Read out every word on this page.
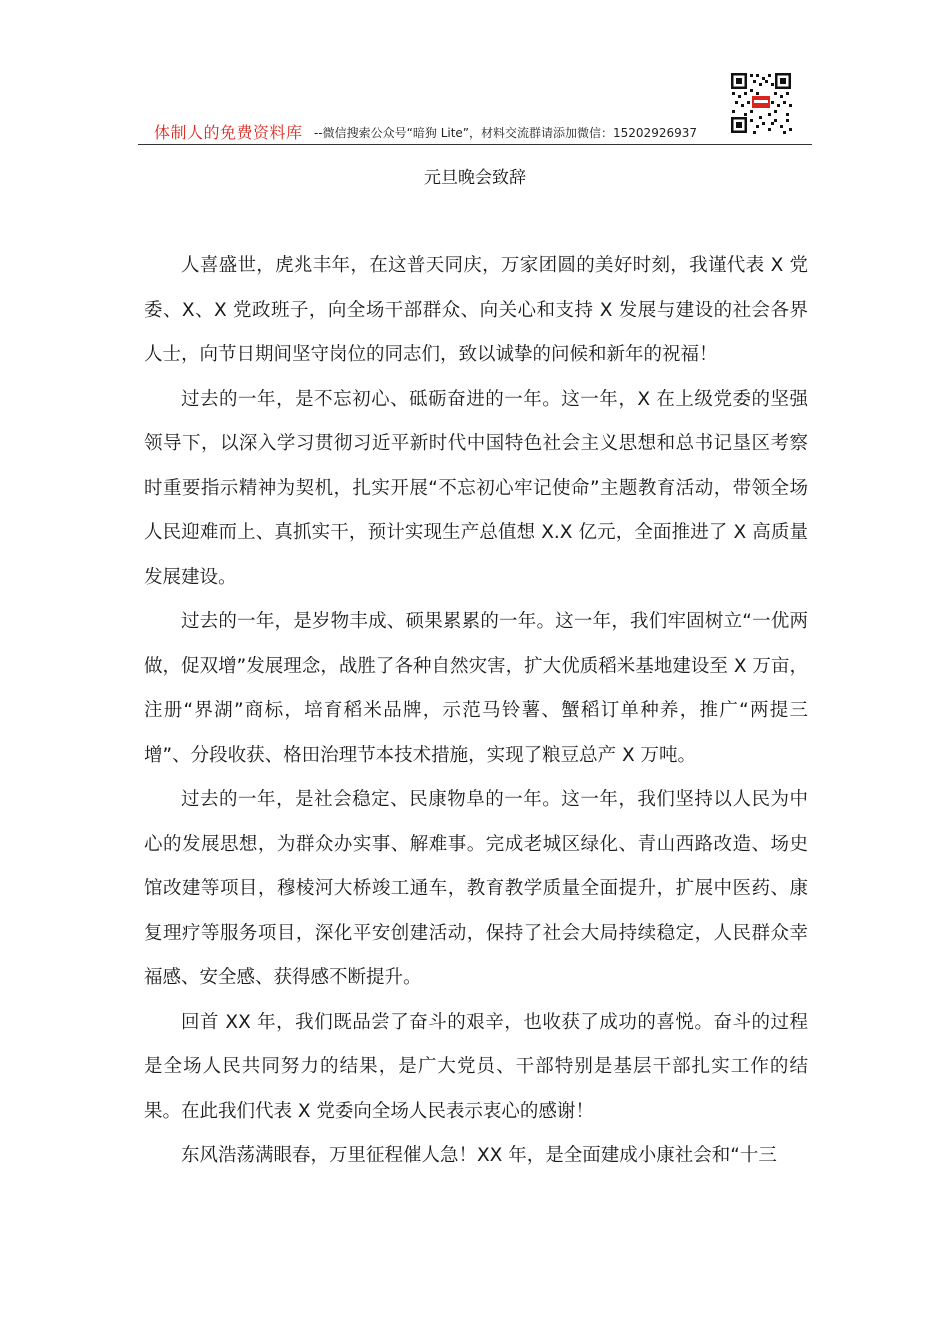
体制人的免费资料库 --微信搜索公众号“暗狗 Lite”，材料交流群请添加微信：15202926937
元旦晚会致辞

人喜盛世，虎兆丰年，在这普天同庆，万家团圆的美好时刻，我谨代表 X 党委、X、X 党政班子，向全场干部群众、向关心和支持 X 发展与建设的社会各界人士，向节日期间坚守岗位的同志们，致以诚挚的问候和新年的祝福！

过去的一年，是不忘初心、砥砺奋进的一年。这一年，X 在上级党委的坚强领导下，以深入学习贯彻习近平新时代中国特色社会主义思想和总书记垦区考察时重要指示精神为契机，扎实开展“不忘初心牢记使命”主题教育活动，带领全场人民迎难而上、真抓实干，预计实现生产总值想 X.X 亿元，全面推进了 X 高质量发展建设。

过去的一年，是岁物丰成、硕果累累的一年。这一年，我们牢固树立“一优两做，促双增”发展理念，战胜了各种自然灾害，扩大优质稻米基地建设至 X 万亩，注册“界湖”商标，培育稻米品牌，示范马铃薯、蟹稻订单种养，推广“两提三增”、分段收获、格田治理节本技术措施，实现了粮豆总产 X 万吨。

过去的一年，是社会稳定、民康物阜的一年。这一年，我们坚持以人民为中心的发展思想，为群众办实事、解难事。完成老城区绿化、青山西路改造、场史馆改建等项目，穆棱河大桥竣工通车，教育教学质量全面提升，扩展中医药、康复理疗等服务项目，深化平安创建活动，保持了社会大局持续稳定，人民群众幸福感、安全感、获得感不断提升。

回首 XX 年，我们既品尝了奋斗的艰辛，也收获了成功的喜悦。奋斗的过程是全场人民共同努力的结果，是广大党员、干部特别是基层干部扎实工作的结果。在此我们代表 X 党委向全场人民表示衷心的感谢！

东风浩荡满眼春，万里征程催人急！XX 年，是全面建成小康社会和“十三
